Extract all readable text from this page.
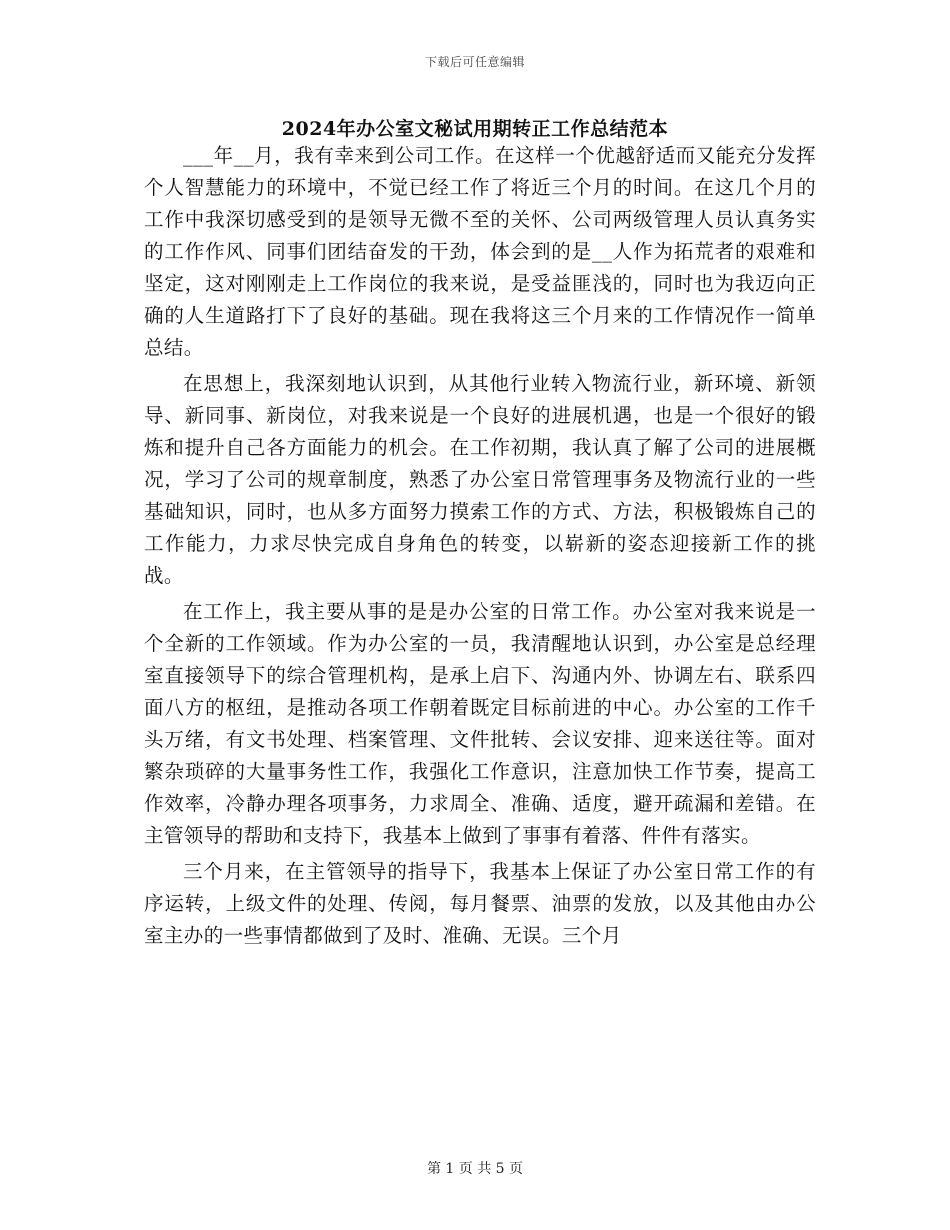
下载后可任意编辑
2024年办公室文秘试用期转正工作总结范本

___年__月，我有幸来到公司工作。在这样一个优越舒适而又能充分发挥个人智慧能力的环境中，不觉已经工作了将近三个月的时间。在这几个月的工作中我深切感受到的是领导无微不至的关怀、公司两级管理人员认真务实的工作作风、同事们团结奋发的干劲，体会到的是__人作为拓荒者的艰难和坚定，这对刚刚走上工作岗位的我来说，是受益匪浅的，同时也为我迈向正确的人生道路打下了良好的基础。现在我将这三个月来的工作情况作一简单总结。

在思想上，我深刻地认识到，从其他行业转入物流行业，新环境、新领导、新同事、新岗位，对我来说是一个良好的进展机遇，也是一个很好的锻炼和提升自己各方面能力的机会。在工作初期，我认真了解了公司的进展概况，学习了公司的规章制度，熟悉了办公室日常管理事务及物流行业的一些基础知识，同时，也从多方面努力摸索工作的方式、方法，积极锻炼自己的工作能力，力求尽快完成自身角色的转变，以崭新的姿态迎接新工作的挑战。

在工作上，我主要从事的是是办公室的日常工作。办公室对我来说是一个全新的工作领域。作为办公室的一员，我清醒地认识到，办公室是总经理室直接领导下的综合管理机构，是承上启下、沟通内外、协调左右、联系四面八方的枢纽，是推动各项工作朝着既定目标前进的中心。办公室的工作千头万绪，有文书处理、档案管理、文件批转、会议安排、迎来送往等。面对繁杂琐碎的大量事务性工作，我强化工作意识，注意加快工作节奏，提高工作效率，冷静办理各项事务，力求周全、准确、适度，避开疏漏和差错。在主管领导的帮助和支持下，我基本上做到了事事有着落、件件有落实。

三个月来，在主管领导的指导下，我基本上保证了办公室日常工作的有序运转，上级文件的处理、传阅，每月餐票、油票的发放，以及其他由办公室主办的一些事情都做到了及时、准确、无误。三个月

第 1 页 共 5 页
